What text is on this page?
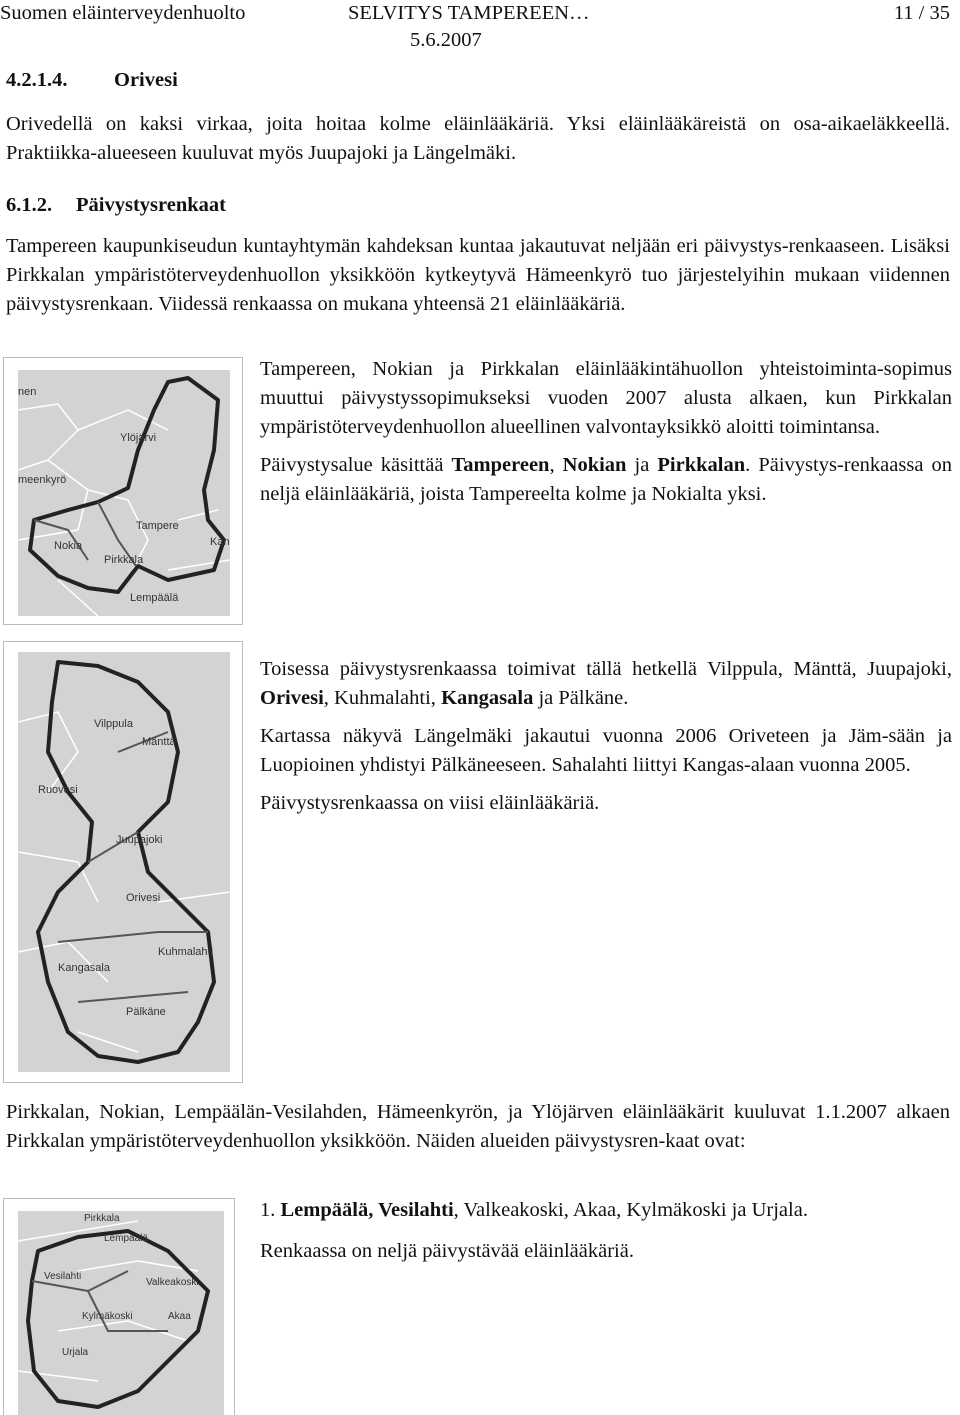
Suomen eläinterveydenhuolto	SELVITYS TAMPEREEN…
5.6.2007
11 / 35
4.2.1.4. Orivesi
Orivedellä on kaksi virkaa, joita hoitaa kolme eläinlääkäriä. Yksi eläinlääkäreistä on osa-aikaeläkkeellä. Praktiikka-alueeseen kuuluvat myös Juupajoki ja Längelmäki.
6.1.2. Päivystysrenkaat
Tampereen kaupunkiseudun kuntayhtymän kahdeksan kuntaa jakautuvat neljään eri päivystys-renkaaseen. Lisäksi Pirkkalan ympäristöterveydenhuollon yksikköön kytkeytyvä Hämeenkyrö tuo järjestelyihin mukaan viidennen päivystysrenkaan. Viidessä renkaassa on mukana yhteensä 21 eläinlääkäriä.
nen
Ylöjärvi
meenkyrö
Tampere
Kan
Nokia
Pirkkala
Lempäälä

Tampereen, Nokian ja Pirkkalan eläinlääkintähuollon yhteistoiminta-sopimus muuttui päivystyssopimukseksi vuoden 2007 alusta alkaen, kun Pirkkalan ympäristöterveydenhuollon alueellinen valvontayksikkö aloitti toimintansa.

Päivystysalue käsittää Tampereen, Nokian ja Pirkkalan. Päivystys-renkaassa on neljä eläinlääkäriä, joista Tampereelta kolme ja Nokialta yksi.

Vilppula
Mänttä
Ruovesi
Juupajoki
Orivesi
Kuhmalahti
Kangasala
Pälkäne

Toisessa päivystysrenkaassa toimivat tällä hetkellä Vilppula, Mänttä, Juupajoki, Orivesi, Kuhmalahti, Kangasala ja Pälkäne.

Kartassa näkyvä Längelmäki jakautui vuonna 2006 Oriveteen ja Jäm-sään ja Luopioinen yhdistyi Pälkäneeseen. Sahalahti liittyi Kangas-alaan vuonna 2005.

Päivystysrenkaassa on viisi eläinlääkäriä.

Pirkkalan, Nokian, Lempäälän-Vesilahden, Hämeenkyrön, ja Ylöjärven eläinlääkärit kuuluvat 1.1.2007 alkaen Pirkkalan ympäristöterveydenhuollon yksikköön. Näiden alueiden päivystysren-kaat ovat:
Pirkkala
Lempäälä
Vesilahti
Valkeakoski
Kylmäkoski	Akaa
Urjala

1. Lempäälä, Vesilahti, Valkeakoski, Akaa, Kylmäkoski ja Urjala.

Renkaassa on neljä päivystävää eläinlääkäriä.
